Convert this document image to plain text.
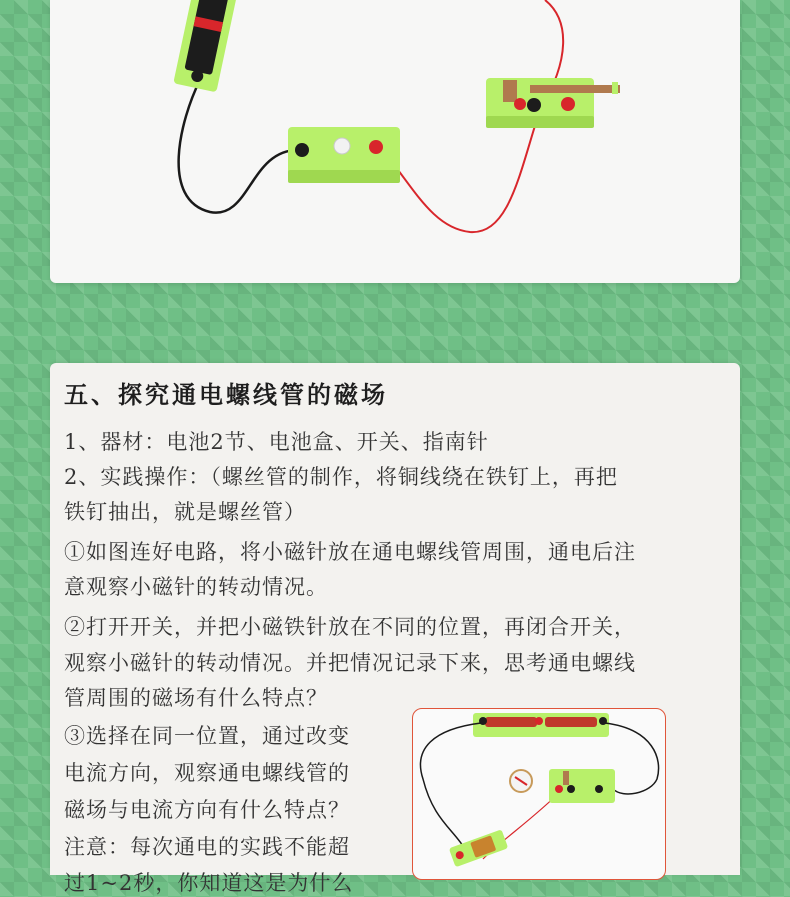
五、探究通电螺线管的磁场

1、器材：电池2节、电池盒、开关、指南针

2、实践操作：（螺丝管的制作，将铜线绕在铁钉上，再把

铁钉抽出，就是螺丝管）

①如图连好电路，将小磁针放在通电螺线管周围，通电后注

意观察小磁针的转动情况。

②打开开关，并把小磁铁针放在不同的位置，再闭合开关，

观察小磁针的转动情况。并把情况记录下来，思考通电螺线

管周围的磁场有什么特点？

③选择在同一位置，通过改变

电流方向，观察通电螺线管的

磁场与电流方向有什么特点？

注意：每次通电的实践不能超

过1~2秒，你知道这是为什么
